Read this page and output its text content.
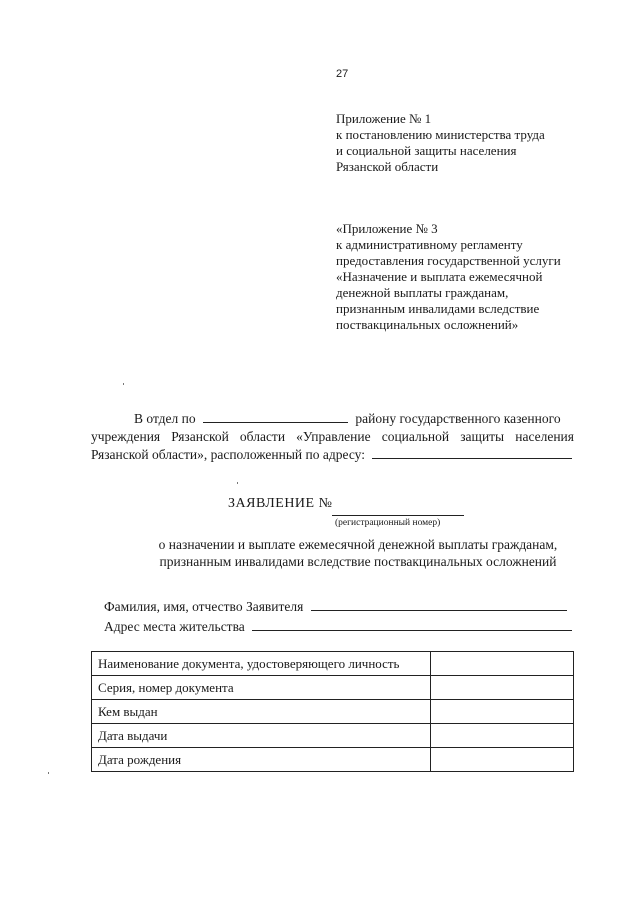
27
Приложение № 1
к постановлению министерства труда
и социальной защиты населения
Рязанской области
«Приложение № 3
к административному регламенту
предоставления государственной услуги
«Назначение и выплата ежемесячной
денежной выплаты гражданам,
признанным инвалидами вследствие
поствакцинальных осложнений»
В отдел по	району государственного казенного
учреждения Рязанской области «Управление социальной защиты населения
Рязанской области», расположенный по адресу:
ЗАЯВЛЕНИЕ №
(регистрационный номер)
о назначении и выплате ежемесячной денежной выплаты гражданам,
признанным инвалидами вследствие поствакцинальных осложнений
Фамилия, имя, отчество Заявителя
Адрес места жительства
Наименование документа, удостоверяющего личность	
Серия, номер документа	
Кем выдан	
Дата выдачи	
Дата рождения	
